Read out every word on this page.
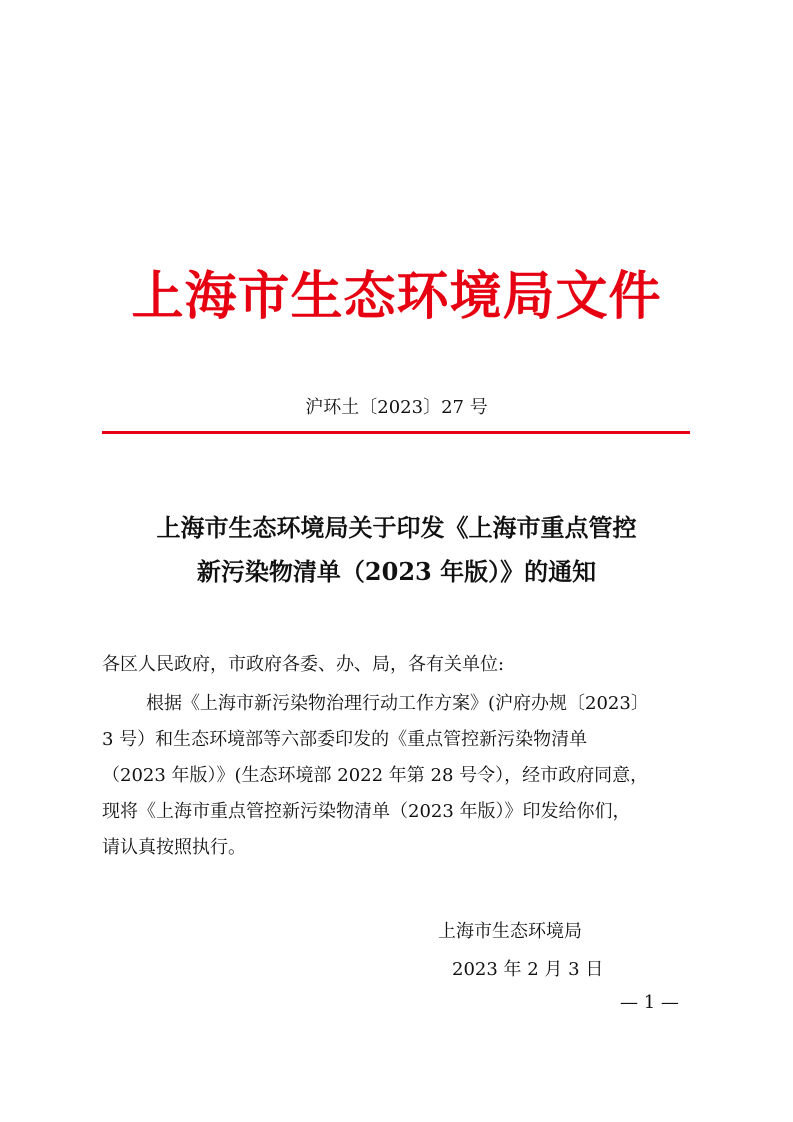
上海市生态环境局文件
沪环土〔2023〕27 号
上海市生态环境局关于印发《上海市重点管控
新污染物清单（2023 年版）》的通知
各区人民政府，市政府各委、办、局，各有关单位:
根据《上海市新污染物治理行动工作方案》(沪府办规〔2023〕
3 号）和生态环境部等六部委印发的《重点管控新污染物清单
（2023 年版）》(生态环境部 2022 年第 28 号令），经市政府同意，
现将《上海市重点管控新污染物清单（2023 年版）》印发给你们，
请认真按照执行。
上海市生态环境局
2023 年 2 月 3 日
— 1 —
